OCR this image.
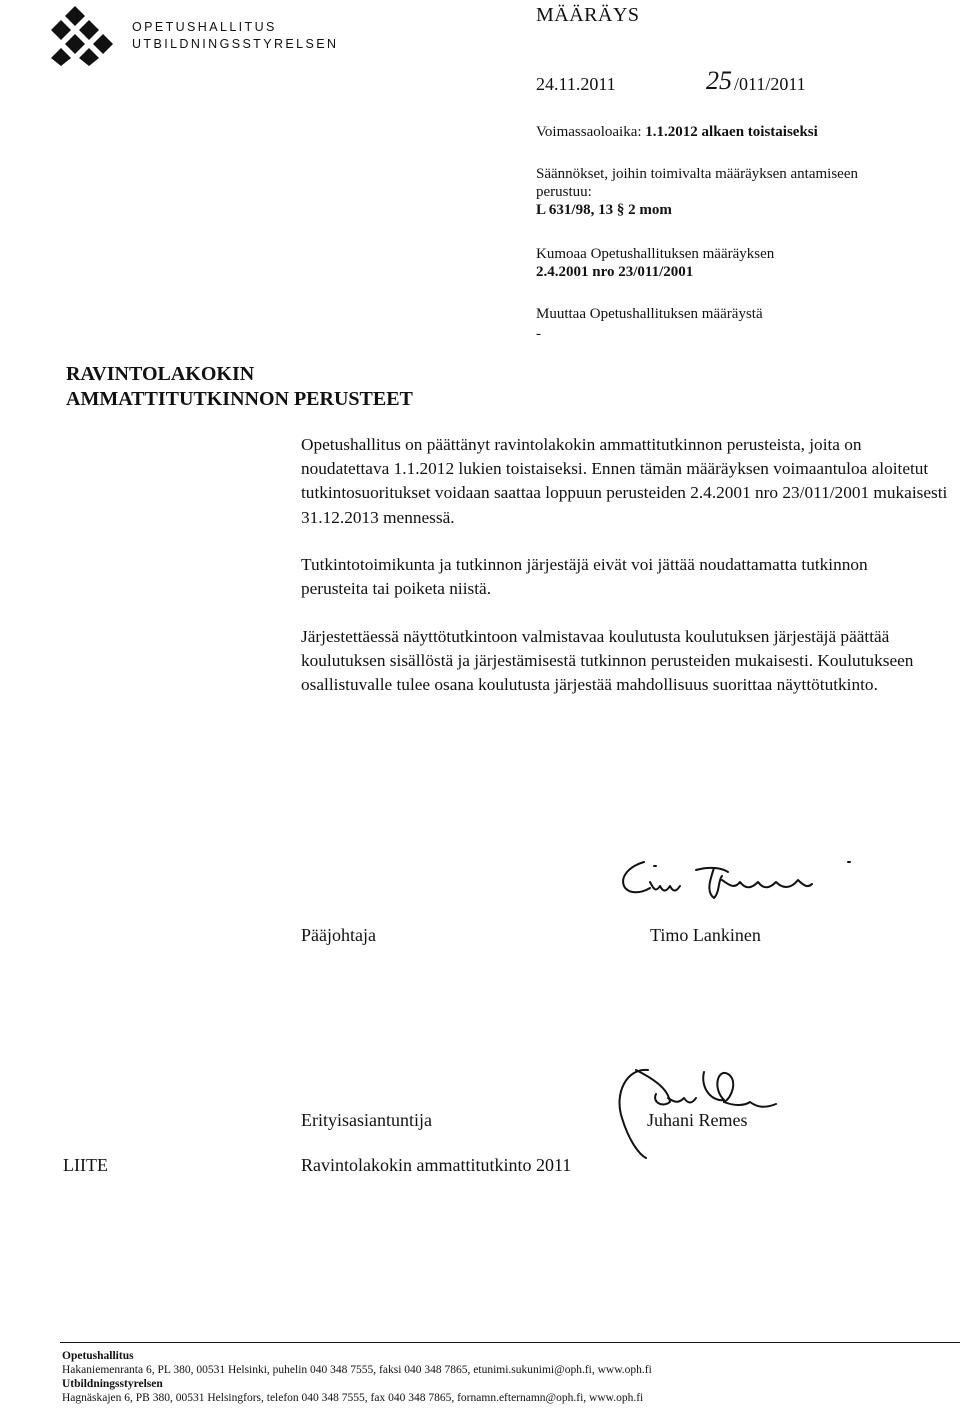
OPETUSHALLITUS
UTBILDNINGSSTYRELSEN
MÄÄRÄYS
24.11.2011	25 /011/2011
Voimassaoloaika: 1.1.2012 alkaen toistaiseksi
Säännökset, joihin toimivalta määräyksen antamiseen perustuu:
L 631/98, 13 § 2 mom
Kumoaa Opetushallituksen määräyksen
2.4.2001 nro 23/011/2001
Muuttaa Opetushallituksen määräystä
-
RAVINTOLAKOKIN
AMMATTITUTKINNON PERUSTEET
Opetushallitus on päättänyt ravintolakokin ammattitutkinnon perusteista, joita on noudatettava 1.1.2012 lukien toistaiseksi. Ennen tämän määräyksen voimaantuloa aloitetut tutkintosuoritukset voidaan saattaa loppuun perusteiden 2.4.2001 nro 23/011/2001 mukaisesti 31.12.2013 mennessä.
Tutkintotoimikunta ja tutkinnon järjestäjä eivät voi jättää noudattamatta tutkinnon perusteita tai poiketa niistä.
Järjestettäessä näyttötutkintoon valmistavaa koulutusta koulutuksen järjestäjä päättää koulutuksen sisällöstä ja järjestämisestä tutkinnon perusteiden mukaisesti. Koulutukseen osallistuvalle tulee osana koulutusta järjestää mahdollisuus suorittaa näyttötutkinto.
Pääjohtaja	Timo Lankinen
Erityisasiantuntija	Juhani Remes
LIITE	Ravintolakokin ammattitutkinto 2011
Opetushallitus
Hakaniemenranta 6, PL 380, 00531 Helsinki, puhelin 040 348 7555, faksi 040 348 7865, etunimi.sukunimi@oph.fi, www.oph.fi
Utbildningsstyrelsen
Hagnäskajen 6, PB 380, 00531 Helsingfors, telefon 040 348 7555, fax 040 348 7865, fornamn.efternamn@oph.fi, www.oph.fi
